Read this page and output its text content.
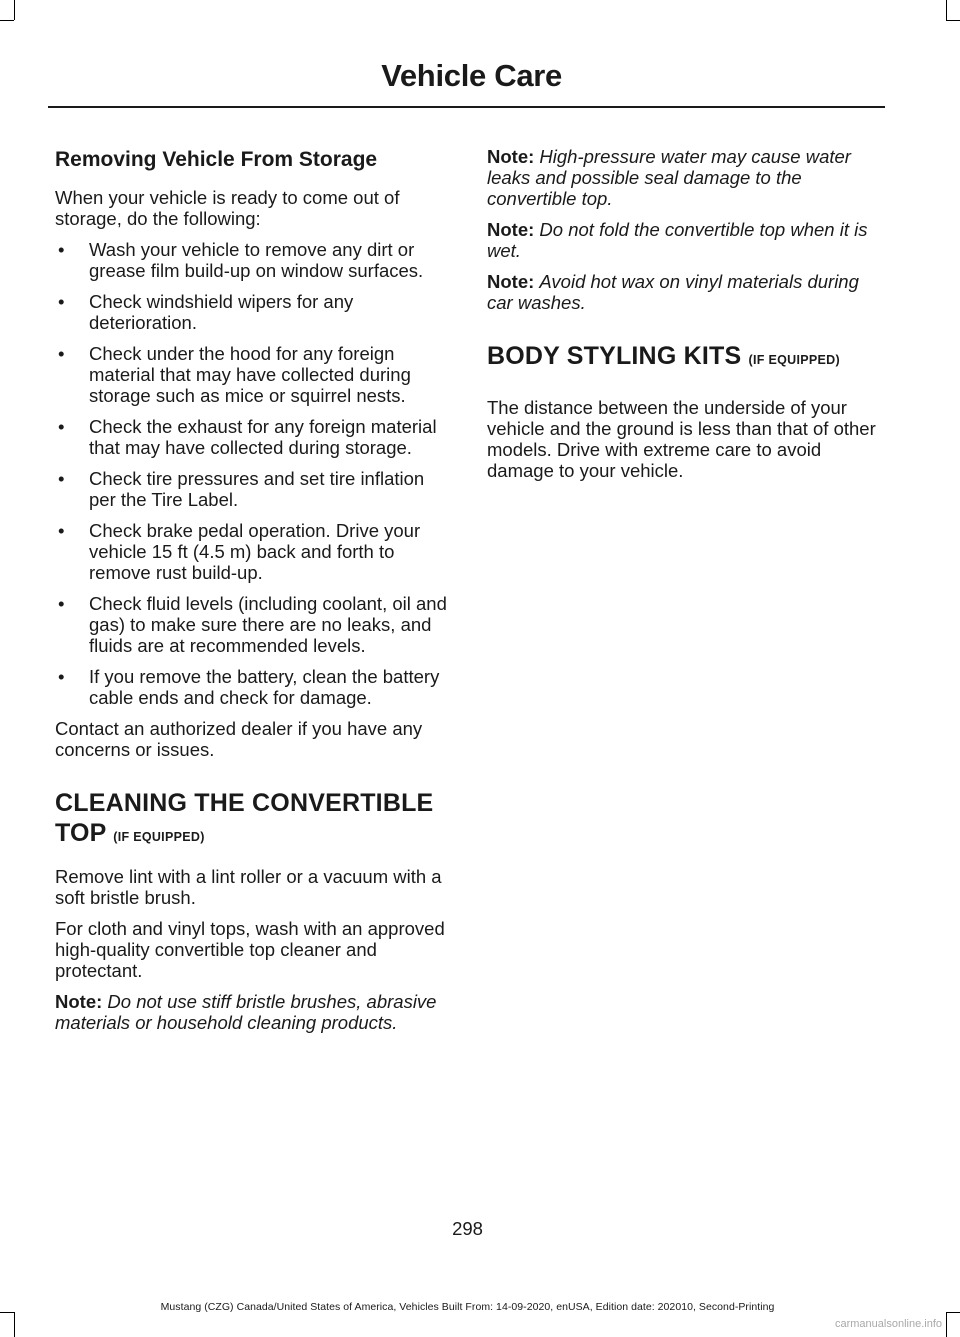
Vehicle Care
Removing Vehicle From Storage

When your vehicle is ready to come out of storage, do the following:

• Wash your vehicle to remove any dirt or grease film build-up on window surfaces.
• Check windshield wipers for any deterioration.
• Check under the hood for any foreign material that may have collected during storage such as mice or squirrel nests.
• Check the exhaust for any foreign material that may have collected during storage.
• Check tire pressures and set tire inflation per the Tire Label.
• Check brake pedal operation. Drive your vehicle 15 ft (4.5 m) back and forth to remove rust build-up.
• Check fluid levels (including coolant, oil and gas) to make sure there are no leaks, and fluids are at recommended levels.
• If you remove the battery, clean the battery cable ends and check for damage.

Contact an authorized dealer if you have any concerns or issues.

CLEANING THE CONVERTIBLE TOP (IF EQUIPPED)

Remove lint with a lint roller or a vacuum with a soft bristle brush.

For cloth and vinyl tops, wash with an approved high-quality convertible top cleaner and protectant.

Note: Do not use stiff bristle brushes, abrasive materials or household cleaning products.

Note: High-pressure water may cause water leaks and possible seal damage to the convertible top.

Note: Do not fold the convertible top when it is wet.

Note: Avoid hot wax on vinyl materials during car washes.

BODY STYLING KITS (IF EQUIPPED)

The distance between the underside of your vehicle and the ground is less than that of other models. Drive with extreme care to avoid damage to your vehicle.

298
Mustang (CZG) Canada/United States of America, Vehicles Built From: 14-09-2020, enUSA, Edition date: 202010, Second-Printing
carmanualsonline.info
